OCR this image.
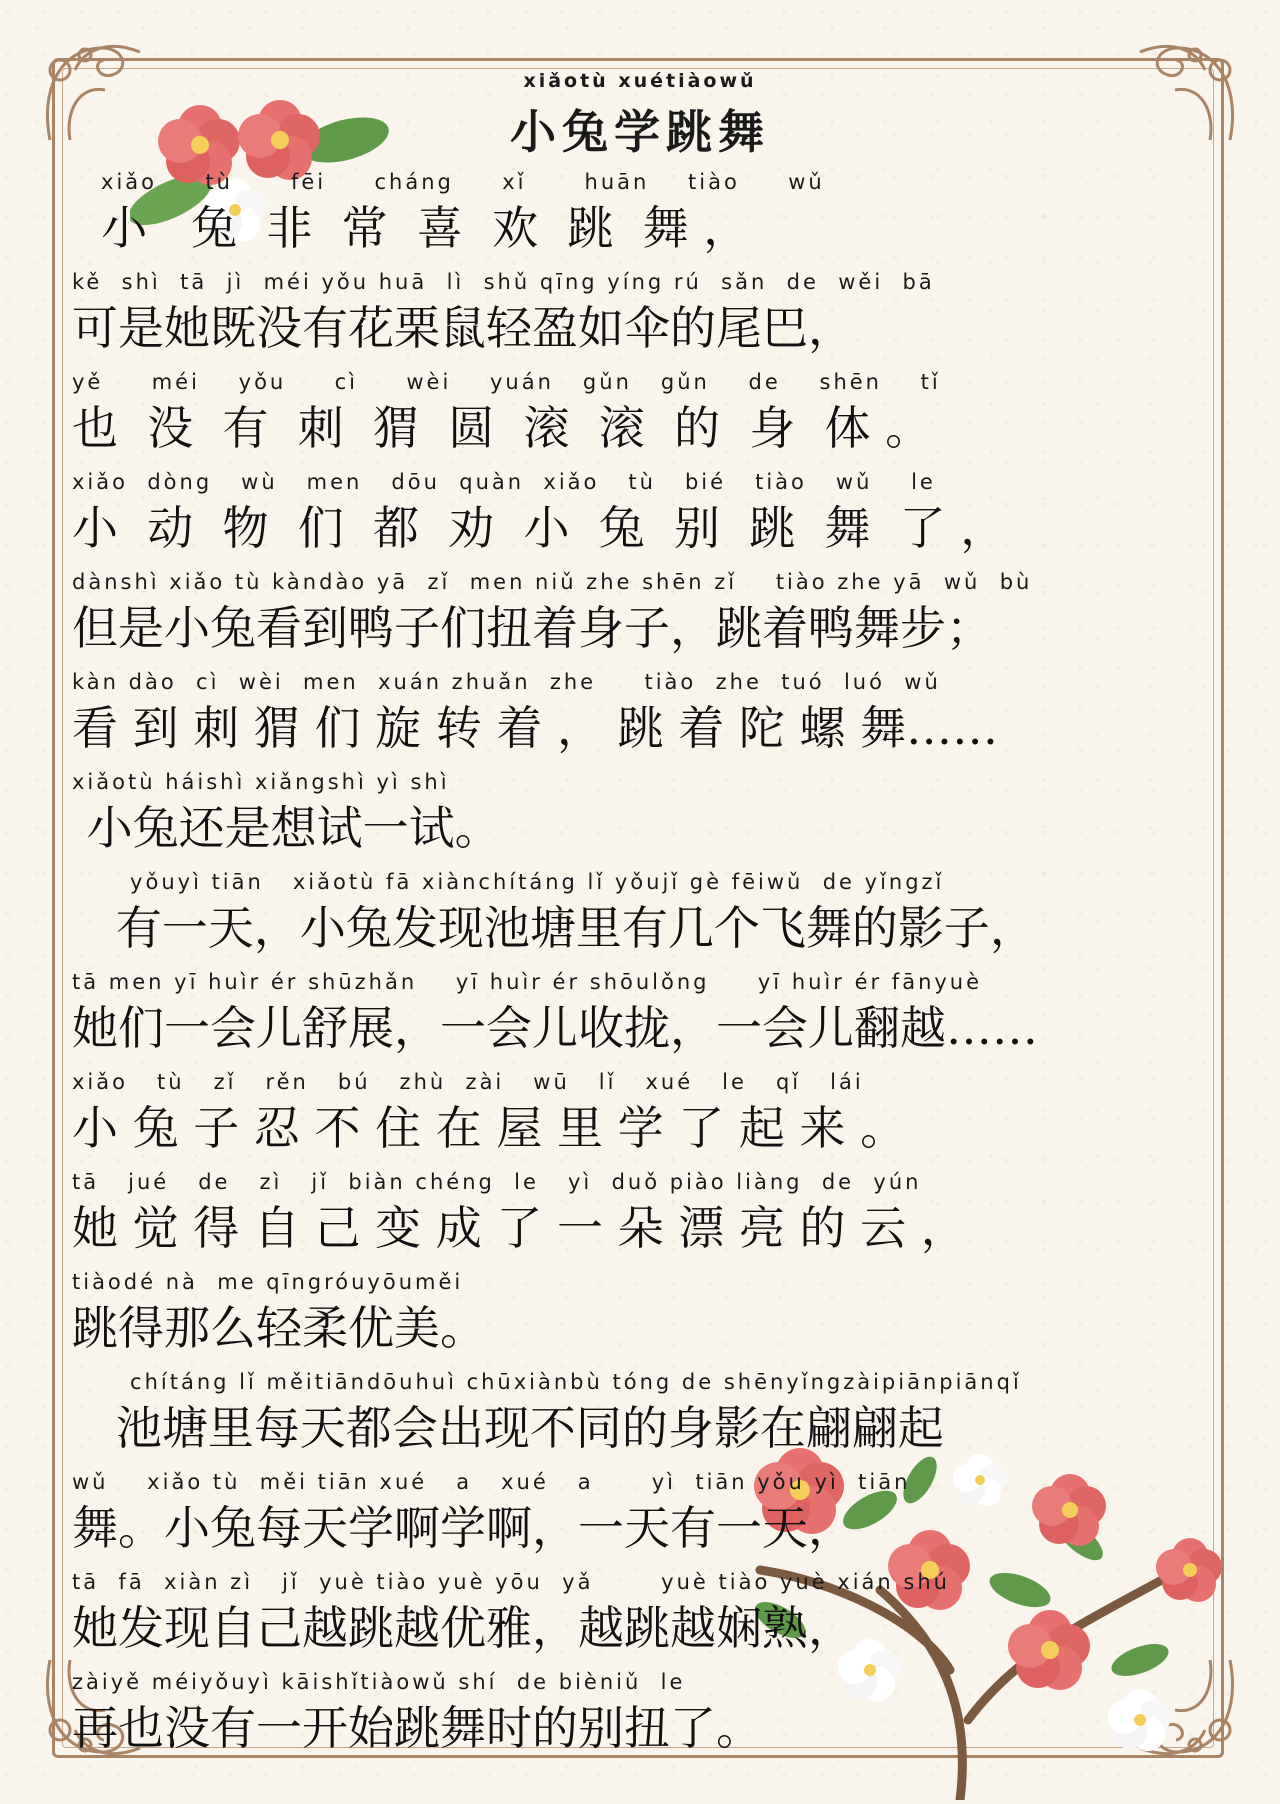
xiǎotù xuétiàowǔ
小兔学跳舞
xiǎo     tù      fēi     cháng     xǐ      huān    tiào     wǔ
小   兔  非  常  喜  欢  跳  舞 ，
kě  shì  tā  jì  méi yǒu huā  lì  shǔ qīng yíng rú  sǎn  de  wěi  bā
可是她既没有花栗鼠轻盈如伞的尾巴，
yě     méi    yǒu     cì     wèi    yuán   gǔn   gǔn    de    shēn    tǐ
也  没  有  刺  猬  圆  滚  滚  的  身  体 。
xiǎo  dòng   wù   men   dōu  quàn  xiǎo   tù   bié   tiào   wǔ    le
小  动  物  们  都  劝  小  兔  别  跳  舞  了 ，
dànshì xiǎo tù kàndào yā  zǐ  men niǔ zhe shēn zǐ    tiào zhe yā  wǔ  bù
但是小兔看到鸭子们扭着身子，跳着鸭舞步；
kàn dào  cì  wèi  men  xuán zhuǎn  zhe     tiào  zhe  tuó  luó  wǔ
看 到 刺 猬 们 旋 转 着 ， 跳 着 陀 螺 舞……
xiǎotù háishì xiǎngshì yì shì
小兔还是想试一试。
yǒuyì tiān   xiǎotù fā xiànchítáng lǐ yǒujǐ gè fēiwǔ  de yǐngzǐ
有一天，小兔发现池塘里有几个飞舞的影子，
tā men yī huìr ér shūzhǎn    yī huìr ér shōulǒng     yī huìr ér fānyuè
她们一会儿舒展，一会儿收拢，一会儿翻越……
xiǎo   tù   zǐ   rěn   bú   zhù  zài   wū   lǐ   xué   le   qǐ   lái
小 兔 子 忍 不 住 在 屋 里 学 了 起 来 。
tā   jué   de   zì   jǐ  biàn chéng  le   yì  duǒ piào liàng  de  yún
她 觉 得 自 己 变 成 了 一 朵 漂 亮 的 云 ，
tiàodé nà  me qīngróuyōuměi
跳得那么轻柔优美。
chítáng lǐ měitiāndōuhuì chūxiànbù tóng de shēnyǐngzàipiānpiānqǐ
池塘里每天都会出现不同的身影在翩翩起
wǔ    xiǎo tù  měi tiān xué   a   xué   a      yì  tiān yǒu yì  tiān
舞。小兔每天学啊学啊，一天有一天，
tā  fā  xiàn zì   jǐ  yuè tiào yuè yōu  yǎ       yuè tiào yuè xián shú
她发现自己越跳越优雅，越跳越娴熟，
zàiyě méiyǒuyì kāishǐtiàowǔ shí  de bièniǔ  le
再也没有一开始跳舞时的别扭了。
